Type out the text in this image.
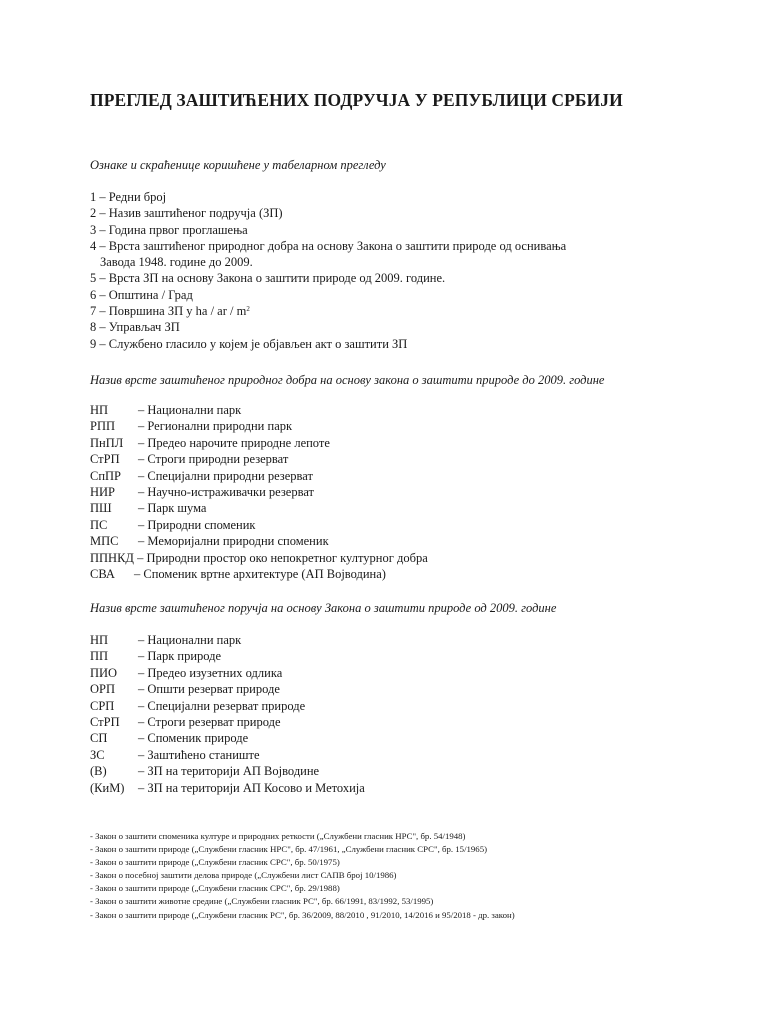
ПРЕГЛЕД ЗАШТИЋЕНИХ ПОДРУЧЈА У РЕПУБЛИЦИ СРБИЈИ

Ознаке и скраћенице коришћене у табеларном прегледу

1 – Редни број
2 – Назив заштићеног подручја (ЗП)
3 – Година првог проглашења
4 – Врста заштићеног природног добра на основу Закона о заштити природе од оснивања
Завода 1948. године до 2009.
5 – Врста ЗП на основу Закона о заштити природе од 2009. године.
6 – Општина / Град
7 – Површина ЗП у ha / ar / $m^2$
8 – Управљач ЗП
9 – Службено гласило у којем је објављен акт о заштити ЗП

Назив врсте заштићеног природног добра на основу закона о заштити природе до 2009. године

НП – Национални парк
РПП – Регионални природни парк
ПнПЛ – Предео нарочите природне лепоте
СтРП – Строги природни резерват
СпПР – Специјални природни резерват
НИР – Научно-истраживачки резерват
ПШ – Парк шума
ПС – Природни споменик
МПС – Меморијални природни споменик
ППНКД – Природни простор око непокретног културног добра
СВА – Споменик вртне архитектуре (АП Војводина)

Назив врсте заштићеног поручја на основу Закона о заштити природе од 2009. године

НП – Национални парк
ПП – Парк природе
ПИО – Предео изузетних одлика
ОРП – Општи резерват природе
СРП – Специјални резерват природе
СтРП – Строги резерват природе
СП – Споменик природе
ЗС	– Заштићено станиште
(В)	– ЗП на територији АП Војводине
(КиМ) – ЗП на територији АП Косово и Метохија
- Закон о заштити споменика културе и природних реткости („Службени гласник НРС", бр. 54/1948)
- Закон о заштити природе („Службени гласник НРС", бр. 47/1961, „Службени гласник СРС", бр. 15/1965)
- Закон о заштити природе („Службени гласник СРС", бр. 50/1975)
- Закон о посебној заштити делова природе („Службени лист САПВ број 10/1986)
- Закон о заштити природе („Службени гласник СРС", бр. 29/1988)
- Закон о заштити животне средине („Службени гласник РС", бр. 66/1991, 83/1992, 53/1995)
- Закон о заштити природе („Службени гласник РС", бр. 36/2009, 88/2010 , 91/2010, 14/2016 и 95/2018 - др. закон)
